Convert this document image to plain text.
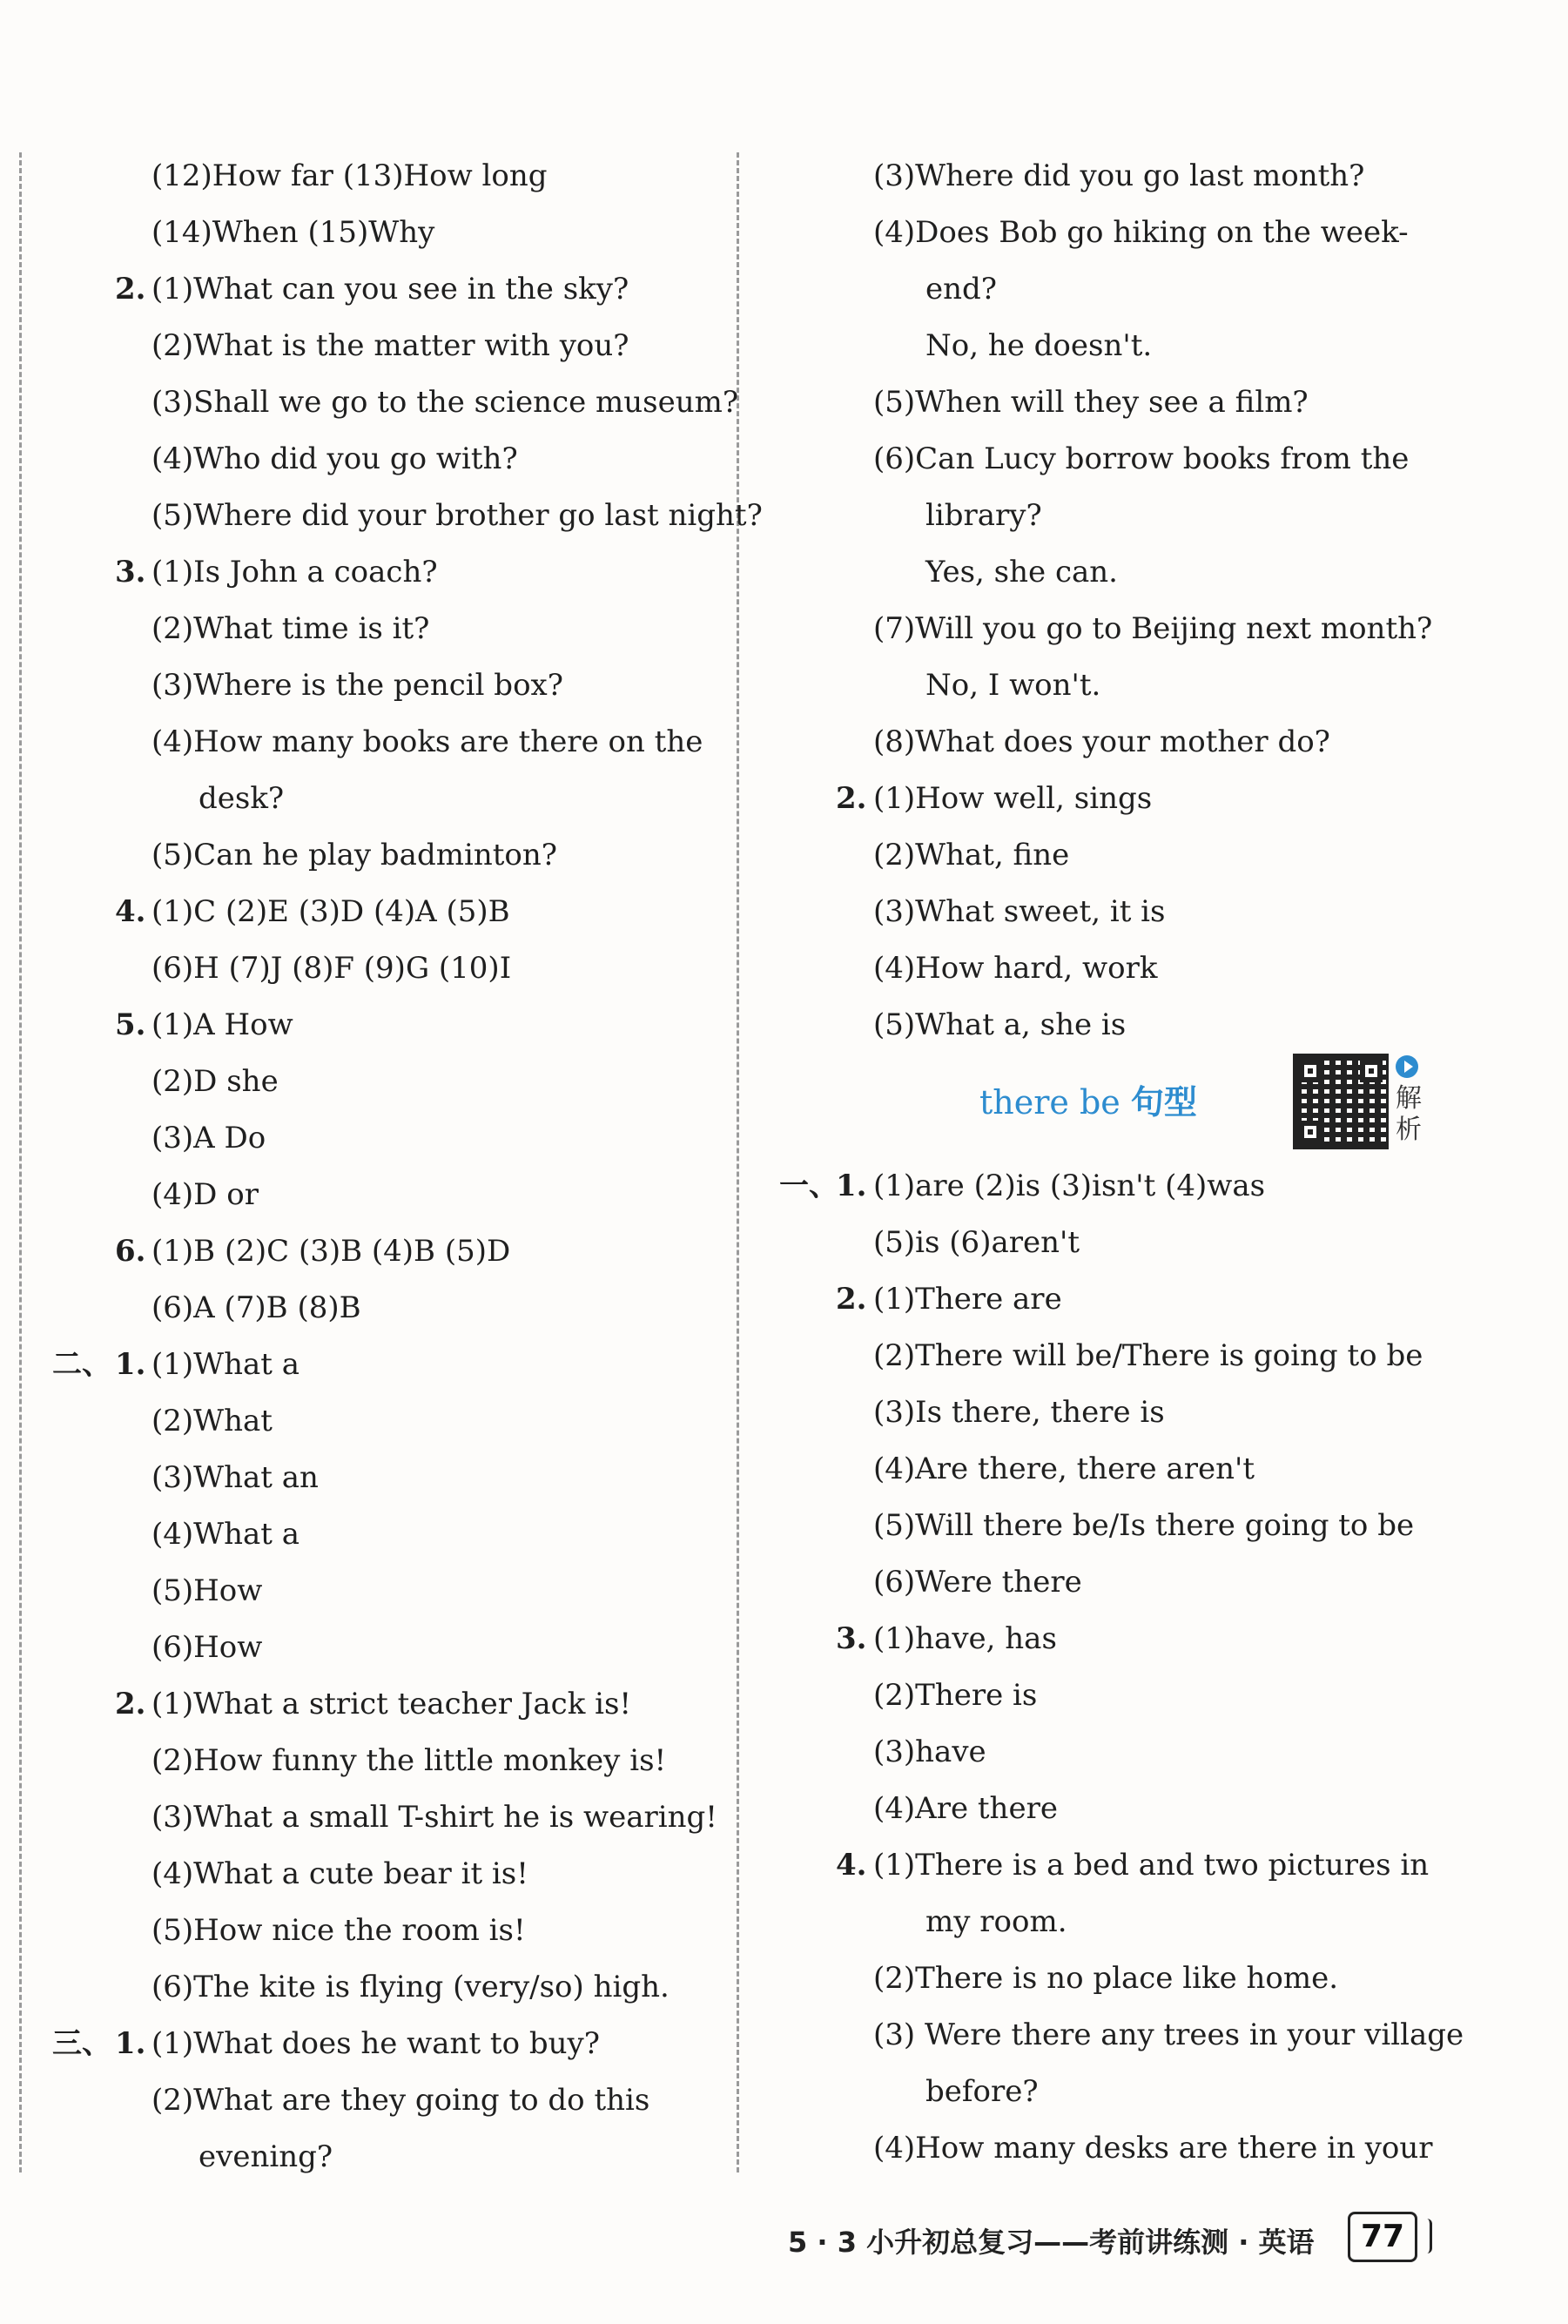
(12)How far (13)How long
(14)When (15)Why
2. (1)What can you see in the sky?
(2)What is the matter with you?
(3)Shall we go to the science museum?
(4)Who did you go with?
(5)Where did your brother go last night?
3. (1)Is John a coach?
(2)What time is it?
(3)Where is the pencil box?
(4)How many books are there on the
desk?
(5)Can he play badminton?
4. (1)C (2)E (3)D (4)A (5)B
(6)H (7)J (8)F (9)G (10)I
5. (1)A How
(2)D she
(3)A Do
(4)D or
6. (1)B (2)C (3)B (4)B (5)D
(6)A (7)B (8)B
二、 1. (1)What a
(2)What
(3)What an
(4)What a
(5)How
(6)How
2. (1)What a strict teacher Jack is!
(2)How funny the little monkey is!
(3)What a small T-shirt he is wearing!
(4)What a cute bear it is!
(5)How nice the room is!
(6)The kite is flying (very/so) high.
三、 1. (1)What does he want to buy?
(2)What are they going to do this
evening?
(3)Where did you go last month?
(4)Does Bob go hiking on the week-
end?
No, he doesn't.
(5)When will they see a film?
(6)Can Lucy borrow books from the
library?
Yes, she can.
(7)Will you go to Beijing next month?
No, I won't.
(8)What does your mother do?
2. (1)How well, sings
(2)What, fine
(3)What sweet, it is
(4)How hard, work
(5)What a, she is
there be 句型	解析
一、
1. (1)are (2)is (3)isn't (4)was
(5)is (6)aren't
2. (1)There are
(2)There will be/There is going to be
(3)Is there, there is
(4)Are there, there aren't
(5)Will there be/Is there going to be
(6)Were there
3. (1)have, has
(2)There is
(3)have
(4)Are there
4. (1)There is a bed and two pictures in
my room.
(2)There is no place like home.
(3) Were there any trees in your village
before?
(4)How many desks are there in your
5 · 3 小升初总复习——考前讲练测 · 英语	77
